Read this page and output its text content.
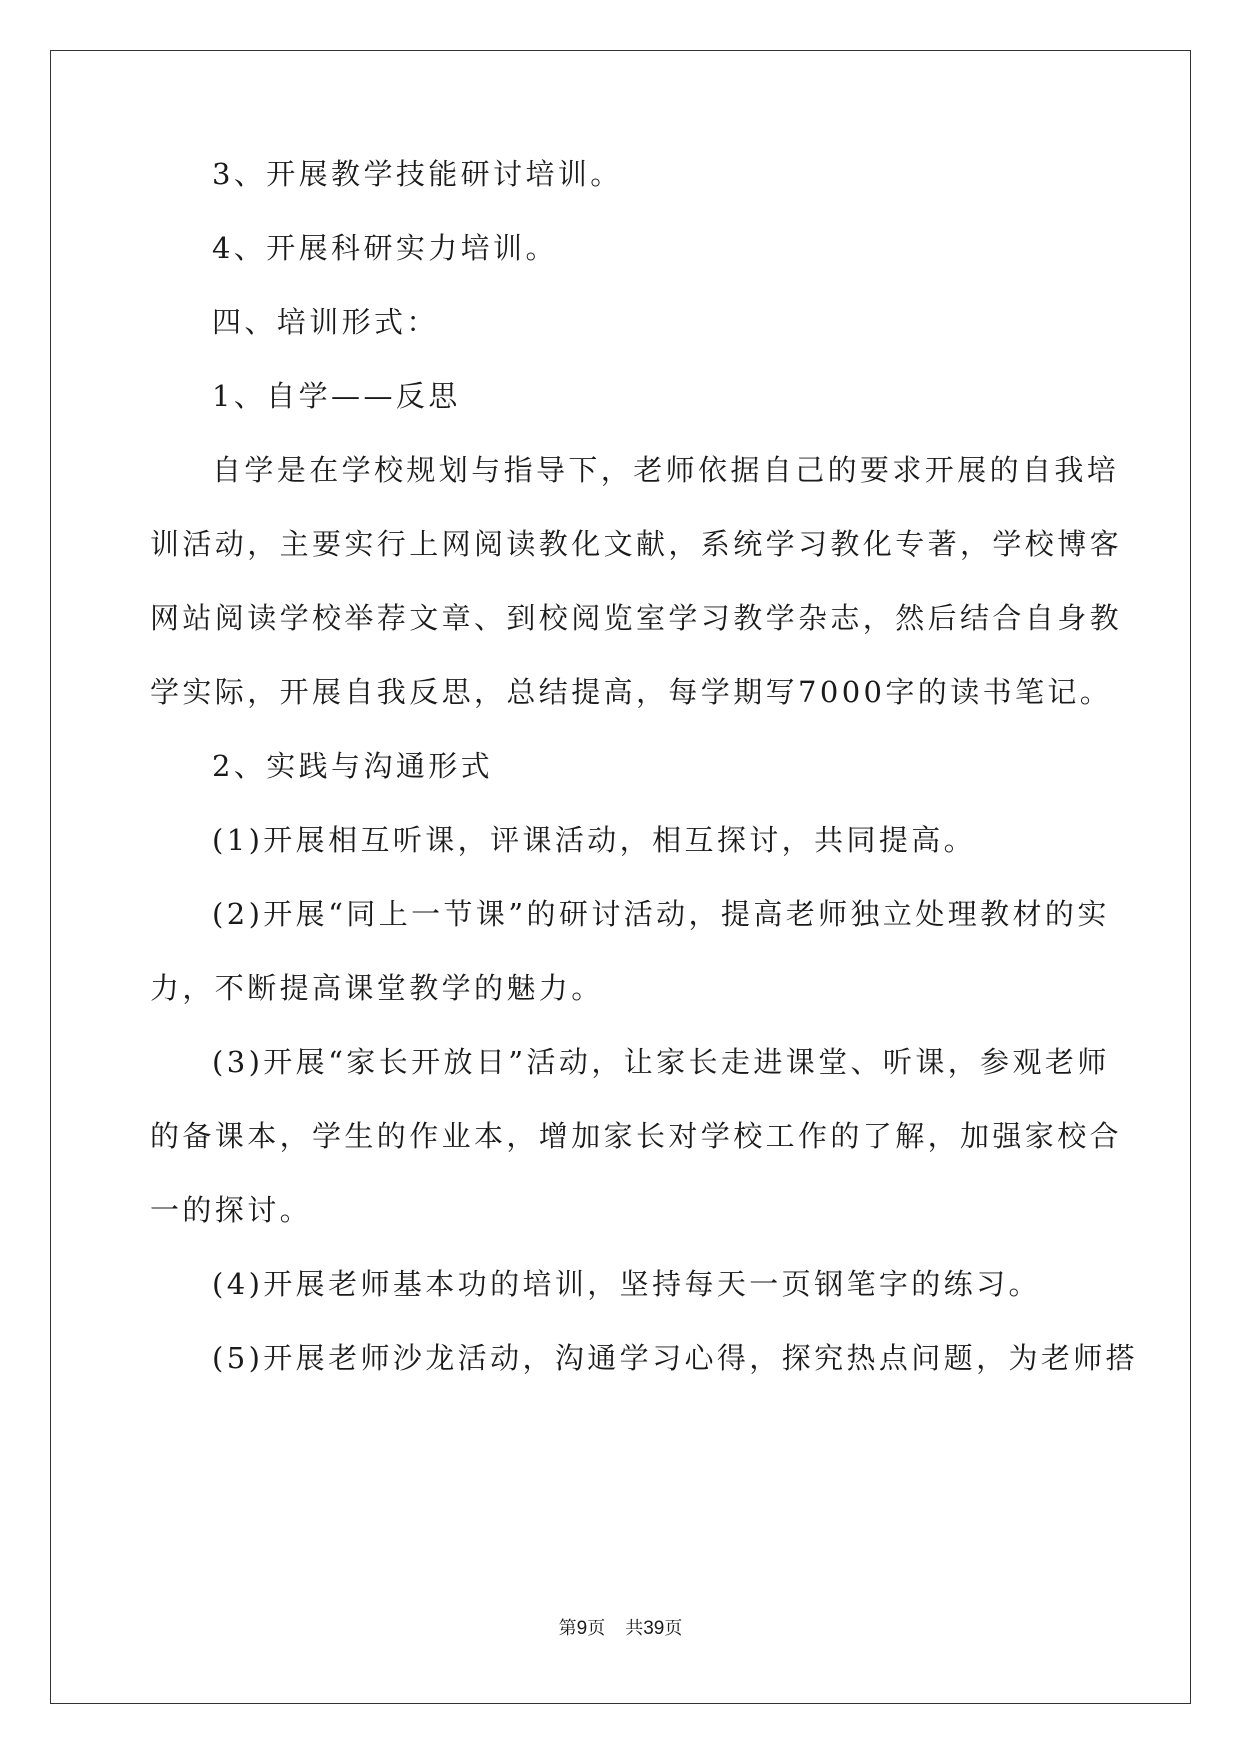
3、开展教学技能研讨培训。
4、开展科研实力培训。
四、培训形式：
1、自学——反思
自学是在学校规划与指导下，老师依据自己的要求开展的自我培
训活动，主要实行上网阅读教化文献，系统学习教化专著，学校博客
网站阅读学校举荐文章、到校阅览室学习教学杂志，然后结合自身教
学实际，开展自我反思，总结提高，每学期写7000字的读书笔记。
2、实践与沟通形式
(1)开展相互听课，评课活动，相互探讨，共同提高。
(2)开展“同上一节课”的研讨活动，提高老师独立处理教材的实
力，不断提高课堂教学的魅力。
(3)开展“家长开放日”活动，让家长走进课堂、听课，参观老师
的备课本，学生的作业本，增加家长对学校工作的了解，加强家校合
一的探讨。
(4)开展老师基本功的培训，坚持每天一页钢笔字的练习。
(5)开展老师沙龙活动，沟通学习心得，探究热点问题，为老师搭
第9页 共39页
